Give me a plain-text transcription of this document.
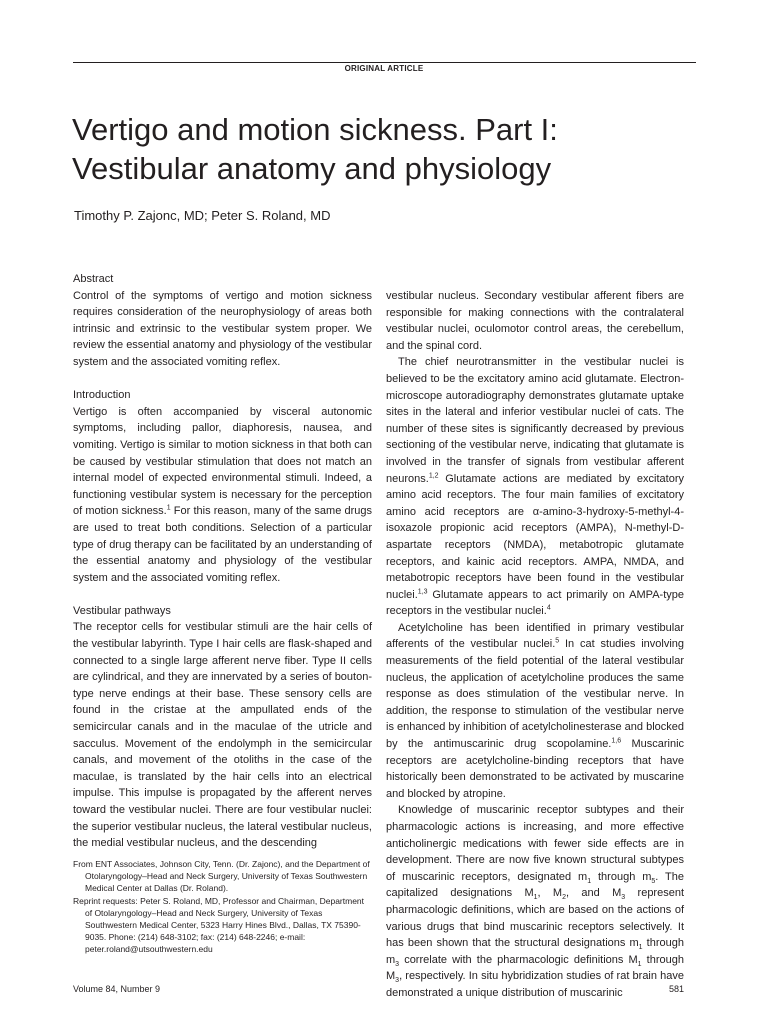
ORIGINAL ARTICLE
Vertigo and motion sickness. Part I:
Vestibular anatomy and physiology
Timothy P. Zajonc, MD; Peter S. Roland, MD

Abstract

Control of the symptoms of vertigo and motion sickness requires consideration of the neurophysiology of areas both intrinsic and extrinsic to the vestibular system proper. We review the essential anatomy and physiology of the vestibular system and the associated vomiting reflex.

Introduction

Vertigo is often accompanied by visceral autonomic symptoms, including pallor, diaphoresis, nausea, and vomiting. Vertigo is similar to motion sickness in that both can be caused by vestibular stimulation that does not match an internal model of expected environmental stimuli. Indeed, a functioning vestibular system is necessary for the perception of motion sickness.$^1$ For this reason, many of the same drugs are used to treat both conditions. Selection of a particular type of drug therapy can be facilitated by an understanding of the essential anatomy and physiology of the vestibular system and the associated vomiting reflex.

Vestibular pathways

The receptor cells for vestibular stimuli are the hair cells of the vestibular labyrinth. Type I hair cells are flask-shaped and connected to a single large afferent nerve fiber. Type II cells are cylindrical, and they are innervated by a series of bouton-type nerve endings at their base. These sensory cells are found in the cristae at the ampullated ends of the semicircular canals and in the maculae of the utricle and sacculus. Movement of the endolymph in the semicircular canals, and movement of the otoliths in the case of the maculae, is translated by the hair cells into an electrical impulse. This impulse is propagated by the afferent nerves toward the vestibular nuclei. There are four vestibular nuclei: the superior vestibular nucleus, the lateral vestibular nucleus, the medial vestibular nucleus, and the descending

vestibular nucleus. Secondary vestibular afferent fibers are responsible for making connections with the contralateral vestibular nuclei, oculomotor control areas, the cerebellum, and the spinal cord.

The chief neurotransmitter in the vestibular nuclei is believed to be the excitatory amino acid glutamate. Electron-microscope autoradiography demonstrates glutamate uptake sites in the lateral and inferior vestibular nuclei of cats. The number of these sites is significantly decreased by previous sectioning of the vestibular nerve, indicating that glutamate is involved in the transfer of signals from vestibular afferent neurons.$^{1,2}$ Glutamate actions are mediated by excitatory amino acid receptors. The four main families of excitatory amino acid receptors are α-amino-3-hydroxy-5-methyl-4-isoxazole propionic acid receptors (AMPA), N-methyl-D-aspartate receptors (NMDA), metabotropic glutamate receptors, and kainic acid receptors. AMPA, NMDA, and metabotropic receptors have been found in the vestibular nuclei.$^{1,3}$ Glutamate appears to act primarily on AMPA-type receptors in the vestibular nuclei.$^4$

Acetylcholine has been identified in primary vestibular afferents of the vestibular nuclei.$^5$ In cat studies involving measurements of the field potential of the lateral vestibular nucleus, the application of acetylcholine produces the same response as does stimulation of the vestibular nerve. In addition, the response to stimulation of the vestibular nerve is enhanced by inhibition of acetylcholinesterase and blocked by the antimuscarinic drug scopolamine.$^{1,6}$ Muscarinic receptors are acetylcholine-binding receptors that have historically been demonstrated to be activated by muscarine and blocked by atropine.

Knowledge of muscarinic receptor subtypes and their pharmacologic actions is increasing, and more effective anticholinergic medications with fewer side effects are in development. There are now five known structural subtypes of muscarinic receptors, designated $m_1$ through $m_5$. The capitalized designations $M_1$, $M_2$, and $M_3$ represent pharmacologic definitions, which are based on the actions of various drugs that bind muscarinic receptors selectively. It has been shown that the structural designations $m_1$ through $m_3$ correlate with the pharmacologic definitions $M_1$ through $M_3$, respectively. In situ hybridization studies of rat brain have demonstrated a unique distribution of muscarinic

From ENT Associates, Johnson City, Tenn. (Dr. Zajonc), and the Department of Otolaryngology–Head and Neck Surgery, University of Texas Southwestern Medical Center at Dallas (Dr. Roland).

Reprint requests: Peter S. Roland, MD, Professor and Chairman, Department of Otolaryngology–Head and Neck Surgery, University of Texas Southwestern Medical Center, 5323 Harry Hines Blvd., Dallas, TX 75390-9035. Phone: (214) 648-3102; fax: (214) 648-2246; e-mail: peter.roland@utsouthwestern.edu

Volume 84, Number 9	581
